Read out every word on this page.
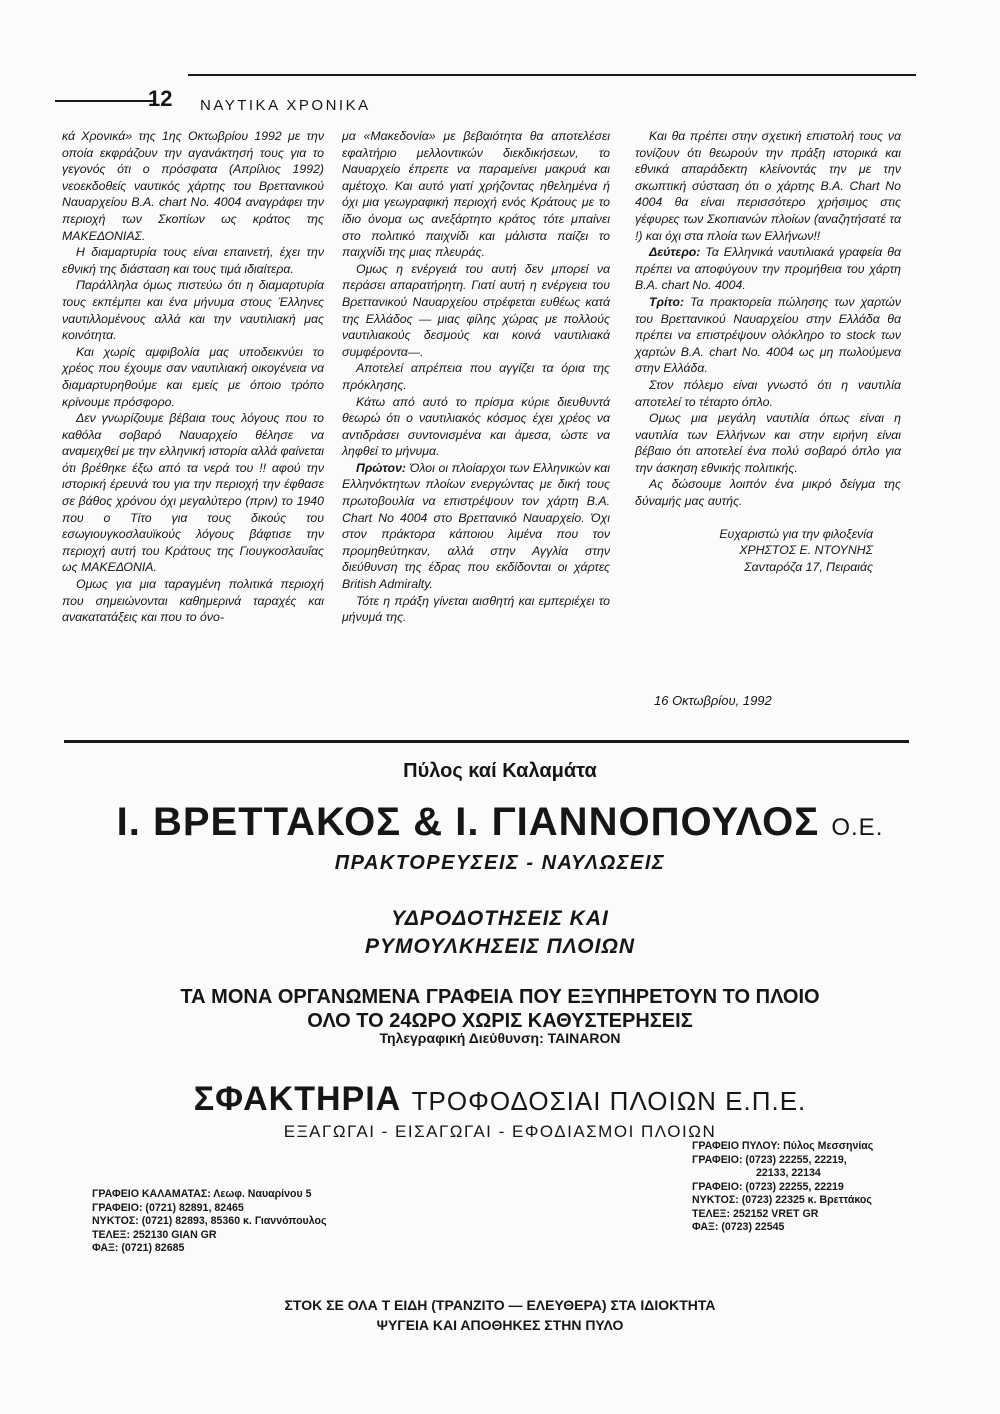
12 ΝΑΥΤΙΚΑ ΧΡΟΝΙΚΑ

κά Χρονικά» της 1ης Οκτωβρίου 1992 με την οποία εκφράζουν την αγανάκτησή τους για το γεγονός ότι ο πρόσφατα (Απρίλιος 1992) νεοεκδοθείς ναυτικός χάρτης του Βρεττανικού Ναυαρχείου B.A. chart No. 4004 αναγράφει την περιοχή των Σκοπίων ως κράτος της ΜΑΚΕΔΟΝΙΑΣ.

Η διαμαρτυρία τους είναι επαινετή, έχει την εθνική της διάσταση και τους τιμά ιδιαίτερα.

Παράλληλα όμως πιστεύω ότι η διαμαρτυρία τους εκπέμπει και ένα μήνυμα στους Έλληνες ναυτιλλομένους αλλά και την ναυτιλιακή μας κοινότητα.

Και χωρίς αμφιβολία μας υποδεικνύει το χρέος που έχουμε σαν ναυτιλιακή οικογένεια να διαμαρτυρηθούμε και εμείς με όποιο τρόπο κρίνουμε πρόσφορο.

Δεν γνωρίζουμε βέβαια τους λόγους που το καθόλα σοβαρό Ναυαρχείο θέλησε να αναμειχθεί με την ελληνική ιστορία αλλά φαίνεται ότι βρέθηκε έξω από τα νερά του !! αφού την ιστορική έρευνά του για την περιοχή την έφθασε σε βάθος χρόνου όχι μεγαλύτερο (πριν) το 1940 που ο Τίτο για τους δικούς του εσωγιουγκοσλαυϊκούς λόγους βάφτισε την περιοχή αυτή του Κράτους της Γιουγκοσλαυΐας ως ΜΑΚΕΔΟΝΙΑ.

Ομως για μια ταραγμένη πολιτικά περιοχή που σημειώνονται καθημερινά ταραχές και ανακατατάξεις και που το όνο-

μα «Μακεδονία» με βεβαιότητα θα αποτελέσει εφαλτήριο μελλοντικών διεκδικήσεων, το Ναυαρχείο έπρεπε να παραμείνει μακρυά και αμέτοχο. Και αυτό γιατί χρήζοντας ηθελημένα ή όχι μια γεωγραφική περιοχή ενός Κράτους με το ίδιο όνομα ως ανεξάρτητο κράτος τότε μπαίνει στο πολιτικό παιχνίδι και μάλιστα παίζει το παιχνίδι της μιας πλευράς.

Ομως η ενέργειά του αυτή δεν μπορεί να περάσει απαρατήρητη. Γιατί αυτή η ενέργεια του Βρεττανικού Ναυαρχείου στρέφεται ευθέως κατά της Ελλάδος — μιας φίλης χώρας με πολλούς ναυτιλιακούς δεσμούς και κοινά ναυτιλιακά συμφέροντα—.

Αποτελεί απρέπεια που αγγίζει τα όρια της πρόκλησης.

Κάτω από αυτό το πρίσμα κύριε διευθυντά θεωρώ ότι ο ναυτιλιακός κόσμος έχει χρέος να αντιδράσει συντονισμένα και άμεσα, ώστε να ληφθεί το μήνυμα.

Πρώτον: Όλοι οι πλοίαρχοι των Ελληνικών και Ελληνόκτητων πλοίων ενεργώντας με δική τους πρωτοβουλία να επιστρέψουν τον χάρτη B.A. Chart No 4004 στο Βρεττανικό Ναυαρχείο. Όχι στον πράκτορα κάποιου λιμένα που τον προμηθεύτηκαν, αλλά στην Αγγλία στην διεύθυνση της έδρας που εκδίδονται οι χάρτες British Admiralty.

Τότε η πράξη γίνεται αισθητή και εμπεριέχει το μήνυμά της.

Και θα πρέπει στην σχετική επιστολή τους να τονίζουν ότι θεωρούν την πράξη ιστορικά και εθνικά απαράδεκτη κλείνοντάς την με την σκωπτική σύσταση ότι ο χάρτης B.A. Chart No 4004 θα είναι περισσότερο χρήσιμος στις γέφυρες των Σκοπιανών πλοίων (αναζητήσατέ τα !) και όχι στα πλοία των Ελλήνων!!

Δεύτερο: Τα Ελληνικά ναυτιλιακά γραφεία θα πρέπει να αποφύγουν την προμήθεια του χάρτη B.A. chart No. 4004.

Τρίτο: Τα πρακτορεία πώλησης των χαρτών του Βρεττανικού Ναυαρχείου στην Ελλάδα θα πρέπει να επιστρέψουν ολόκληρο το stock των χαρτών B.A. chart No. 4004 ως μη πωλούμενα στην Ελλάδα.

Στον πόλεμο είναι γνωστό ότι η ναυτιλία αποτελεί το τέταρτο όπλο.

Ομως μια μεγάλη ναυτιλία όπως είναι η ναυτιλία των Ελλήνων και στην ειρήνη είναι βέβαιο ότι αποτελεί ένα πολύ σοβαρό όπλο για την άσκηση εθνικής πολιτικής.

Ας δώσουμε λοιπόν ένα μικρό δείγμα της δύναμής μας αυτής.

Ευχαριστώ για την φιλοξενία
ΧΡΗΣΤΟΣ Ε. ΝΤΟΥΝΗΣ
Σανταρόζα 17, Πειραιάς
16 Οκτωβρίου, 1992
Πύλος καί Καλαμάτα
Ι. ΒΡΕΤΤΑΚΟΣ & Ι. ΓΙΑΝΝΟΠΟΥΛΟΣ Ο.Ε.
ΠΡΑΚΤΟΡΕΥΣΕΙΣ - ΝΑΥΛΩΣΕΙΣ
ΥΔΡΟΔΟΤΗΣΕΙΣ ΚΑΙ
ΡΥΜΟΥΛΚΗΣΕΙΣ ΠΛΟΙΩΝ
ΤΑ ΜΟΝΑ ΟΡΓΑΝΩΜΕΝΑ ΓΡΑΦΕΙΑ ΠΟΥ ΕΞΥΠΗΡΕΤΟΥΝ ΤΟ ΠΛΟΙΟ
ΟΛΟ ΤΟ 24ΩΡΟ ΧΩΡΙΣ ΚΑΘΥΣΤΕΡΗΣΕΙΣ
Τηλεγραφική Διεύθυνση: TAINARON
ΣΦΑΚΤΗΡΙΑ ΤΡΟΦΟΔΟΣΙΑΙ ΠΛΟΙΩΝ Ε.Π.Ε.
ΕΞΑΓΩΓΑΙ - ΕΙΣΑΓΩΓΑΙ - ΕΦΟΔΙΑΣΜΟΙ ΠΛΟΙΩΝ
ΓΡΑΦΕΙΟ ΚΑΛΑΜΑΤΑΣ: Λεωφ. Ναυαρίνου 5
ΓΡΑΦΕΙΟ: (0721) 82891, 82465
ΝΥΚΤΟΣ: (0721) 82893, 85360 κ. Γιαννόπουλος
ΤΕΛΕΞ: 252130 GIAN GR
ΦΑΞ: (0721) 82685
ΓΡΑΦΕΙΟ ΠΥΛΟΥ: Πύλος Μεσσηνίας
ΓΡΑΦΕΙΟ: (0723) 22255, 22219,
22133, 22134
ΓΡΑΦΕΙΟ: (0723) 22255, 22219
ΝΥΚΤΟΣ: (0723) 22325 κ. Βρεττάκος
ΤΕΛΕΞ: 252152 VRET GR
ΦΑΞ: (0723) 22545
ΣΤΟΚ ΣΕ ΟΛΑ Τ ΕΙΔΗ (ΤΡΑΝΖΙΤΟ — ΕΛΕΥΘΕΡΑ) ΣΤΑ ΙΔΙΟΚΤΗΤΑ
ΨΥΓΕΙΑ ΚΑΙ ΑΠΟΘΗΚΕΣ ΣΤΗΝ ΠΥΛΟ
